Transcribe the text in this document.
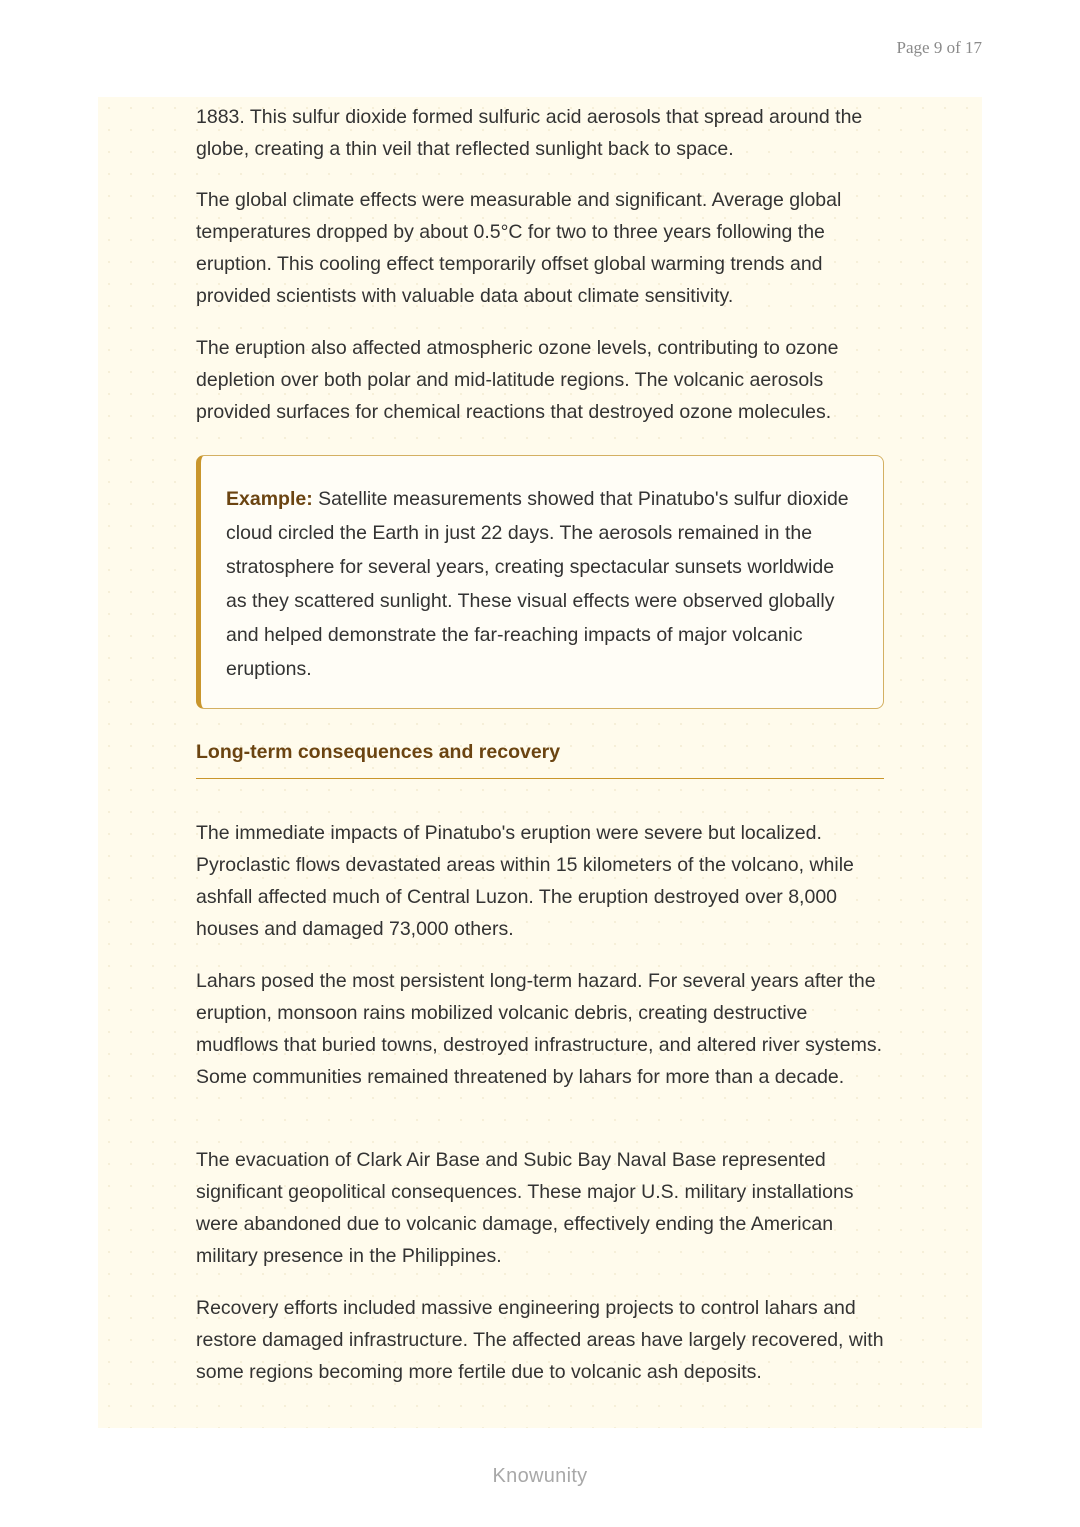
Page 9 of 17

1883. This sulfur dioxide formed sulfuric acid aerosols that spread around the globe, creating a thin veil that reflected sunlight back to space.

The global climate effects were measurable and significant. Average global temperatures dropped by about 0.5°C for two to three years following the eruption. This cooling effect temporarily offset global warming trends and provided scientists with valuable data about climate sensitivity.

The eruption also affected atmospheric ozone levels, contributing to ozone depletion over both polar and mid-latitude regions. The volcanic aerosols provided surfaces for chemical reactions that destroyed ozone molecules.

Example: Satellite measurements showed that Pinatubo's sulfur dioxide cloud circled the Earth in just 22 days. The aerosols remained in the stratosphere for several years, creating spectacular sunsets worldwide as they scattered sunlight. These visual effects were observed globally and helped demonstrate the far-reaching impacts of major volcanic eruptions.

Long-term consequences and recovery

The immediate impacts of Pinatubo's eruption were severe but localized. Pyroclastic flows devastated areas within 15 kilometers of the volcano, while ashfall affected much of Central Luzon. The eruption destroyed over 8,000 houses and damaged 73,000 others.

Lahars posed the most persistent long-term hazard. For several years after the eruption, monsoon rains mobilized volcanic debris, creating destructive mudflows that buried towns, destroyed infrastructure, and altered river systems. Some communities remained threatened by lahars for more than a decade.

The evacuation of Clark Air Base and Subic Bay Naval Base represented significant geopolitical consequences. These major U.S. military installations were abandoned due to volcanic damage, effectively ending the American military presence in the Philippines.

Recovery efforts included massive engineering projects to control lahars and restore damaged infrastructure. The affected areas have largely recovered, with some regions becoming more fertile due to volcanic ash deposits.

Knowunity
